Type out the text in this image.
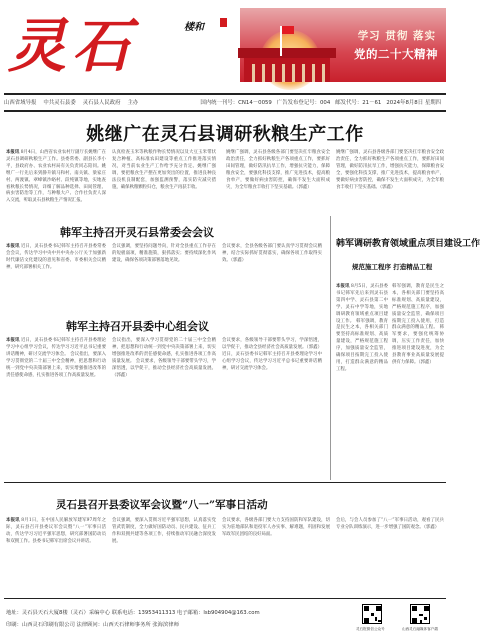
灵石	楼和
学习 贯彻 落实
党的二十大精神
山西省域导报 中共灵石县委 灵石县人民政府 主办	国内统一刊号：CN14－0059 广告发布登记号：004 邮发代号：21－61 2024年8月8日 星期四
姚继广在灵石县调研秋粮生产工作
本报讯 8月4日，山西省农业农村厅副厅长姚继广在灵石县调研秋粮生产工作。县委常委、副县长李小平，县政府办、农业农村局有关负责同志陪同。姚继广一行先后来到静升镇马和村、南关镇、梁家庄村、两渡镇、翠峰镇沙峪村、段纯镇等地，实地查看秋粮长势情况，详细了解品种选择、田间管理、病虫害防治等工作，与种粮大户、合作社负责人深入交流，听取灵石县秋粮生产情况汇报。
认真检查玉米等秋粮作物长势情况以及大豆玉米带状复合种植、高标准农田建设等重点工作推进落实情况，对当前农业生产工作给予充分肯定。姚继广强调，要把粮食生产摆在更加突出的位置，推进良种良法良机良制配套，加强监测预警，落实防灾减灾措施，确保秋粮颗粒归仓，粮食生产再获丰收。
姚继广强调，灵石县各级各部门要坚决扛牢粮食安全政治责任，全力抓好秋粮生产各项重点工作，要抓好田间管理，做好防汛抗旱工作，增强抗灾能力，保障粮食安全，要强化科技支撑，推广先进技术，提高粮食单产，要做好病虫害防控，确保不发生大面积成灾，为全年粮食丰收打下坚实基础。（郭鑫）
姚继广强调，灵石县各级各部门要坚决扛牢粮食安全政治责任，全力抓好秋粮生产各项重点工作，要抓好田间管理，做好防汛抗旱工作，增强抗灾能力，保障粮食安全，要强化科技支撑，推广先进技术，提高粮食单产，要做好病虫害防控，确保不发生大面积成灾，为全年粮食丰收打下坚实基础。（郭鑫）
韩军主持召开灵石县常委会会议
本报讯 近日，灵石县委书记韩军主持召开县委常委会会议，传达学习中央中共中央办公厅关于加强新时代廉洁文化建设的意见和省委、市委相关会议精神，研究部署相关工作。
会议强调，要坚持问题导向，针对全县重点工作存在的短板弱项，精准施策，狠抓落实；要持续深化作风建设，确保各项决策部署落地见效。
会议要求，全县各级各部门要认真学习贯彻会议精神，结合实际抓好贯彻落实，确保各项工作取得实效。（郭鑫）
韩军主持召开县委中心组会议
本报讯 近日，灵石县委书记韩军主持召开县委理论学习中心组学习会议，传达学习习近平总书记重要讲话精神，研讨交流学习体会。 会议指出，要深入学习贯彻党的二十届三中全会精神，把思想和行动统一到党中央决策部署上来，切实增强推进改革的责任感使命感，扎实推进各项工作高质量发展。
会议指出，要深入学习贯彻党的二十届三中全会精神，把思想和行动统一到党中央决策部署上来，切实增强推进改革的责任感使命感，扎实推进各项工作高质量发展。 会议要求，各级领导干部要带头学习，学深悟透，以学促干，推动全县经济社会高质量发展。（郭鑫）
会议要求，各级领导干部要带头学习，学深悟透，以学促干，推动全县经济社会高质量发展。（郭鑫） 近日，灵石县委书记韩军主持召开县委理论学习中心组学习会议，传达学习习近平总书记重要讲话精神，研讨交流学习体会。
韩军调研教育领域重点项目建设工作
规范施工程序 打造精品工程
本报讯 8月5日，灵石县委书记韩军先后来到灵石县第四中学、灵石县第二中学、灵石中学等地，实地调研教育领域重点项目建设工作。 韩军强调，教育是民生之本，各相关部门要坚持高标准规划、高质量建设，严格规范施工程序，加强质量安全监管，确保项目按期完工投入使用，打造群众满意的精品工程。
韩军强调，教育是民生之本，各相关部门要坚持高标准规划、高质量建设，严格规范施工程序，加强质量安全监管，确保项目按期完工投入使用，打造群众满意的精品工程。 韩军要求，要强化统筹协调，压实工作责任，加快推进项目建设进度，为全县教育事业高质量发展提供有力保障。（郭鑫）
灵石县召开县委议军会议暨“八一”军事日活动
本报讯 8月1日，在中国人民解放军建军97周年之际，灵石县召开县委议军会议暨“八一”军事日活动，传达学习习近平强军思想，研究部署国防动员和双拥工作。县委书记韩军出席会议并讲话。
会议强调，要深入贯彻习近平强军思想，认真落实党管武装制度，全力做好国防动员、民兵建设、征兵工作和双拥共建等各项工作，持续推动军民融合深度发展。
会议要求，各级各部门要大力支持国防和军队建设，切实为驻地部队和退役军人办实事、解难题，巩固和发展军政军民团结的良好局面。
会后，与会人员参加了“八一”军事日活动，观看了民兵专业分队训练演示，进一步增强了国防观念。（郭鑫）
地址：灵石县天石大厦8楼（灵石）采编中心 联系电话：13953411313 电子邮箱：lsb904904@163.com
印刷：山西灵石印刷有限公司 法律顾问：山西天石律师事务所 张海滨律师
灵石报微信公众号	山西灵石融媒体客户端
